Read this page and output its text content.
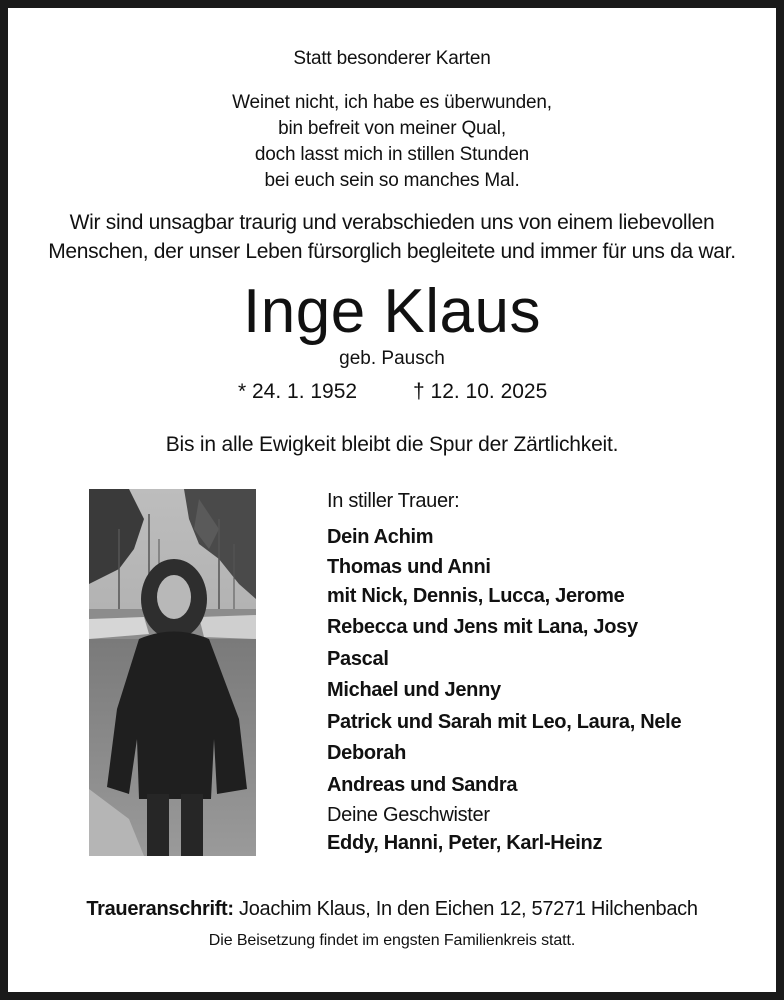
Statt besonderer Karten
Weinet nicht, ich habe es überwunden,
bin befreit von meiner Qual,
doch lasst mich in stillen Stunden
bei euch sein so manches Mal.
Wir sind unsagbar traurig und verabschieden uns von einem liebevollen
Menschen, der unser Leben fürsorglich begleitete und immer für uns da war.
Inge Klaus
geb. Pausch
* 24. 1. 1952	† 12. 10. 2025
Bis in alle Ewigkeit bleibt die Spur der Zärtlichkeit.
In stiller Trauer:
Dein Achim
Thomas und Anni
mit Nick, Dennis, Lucca, Jerome
Rebecca und Jens mit Lana, Josy
Pascal
Michael und Jenny
Patrick und Sarah mit Leo, Laura, Nele
Deborah
Andreas und Sandra
Deine Geschwister
Eddy, Hanni, Peter, Karl-Heinz
Traueranschrift: Joachim Klaus, In den Eichen 12, 57271 Hilchenbach
Die Beisetzung findet im engsten Familienkreis statt.
